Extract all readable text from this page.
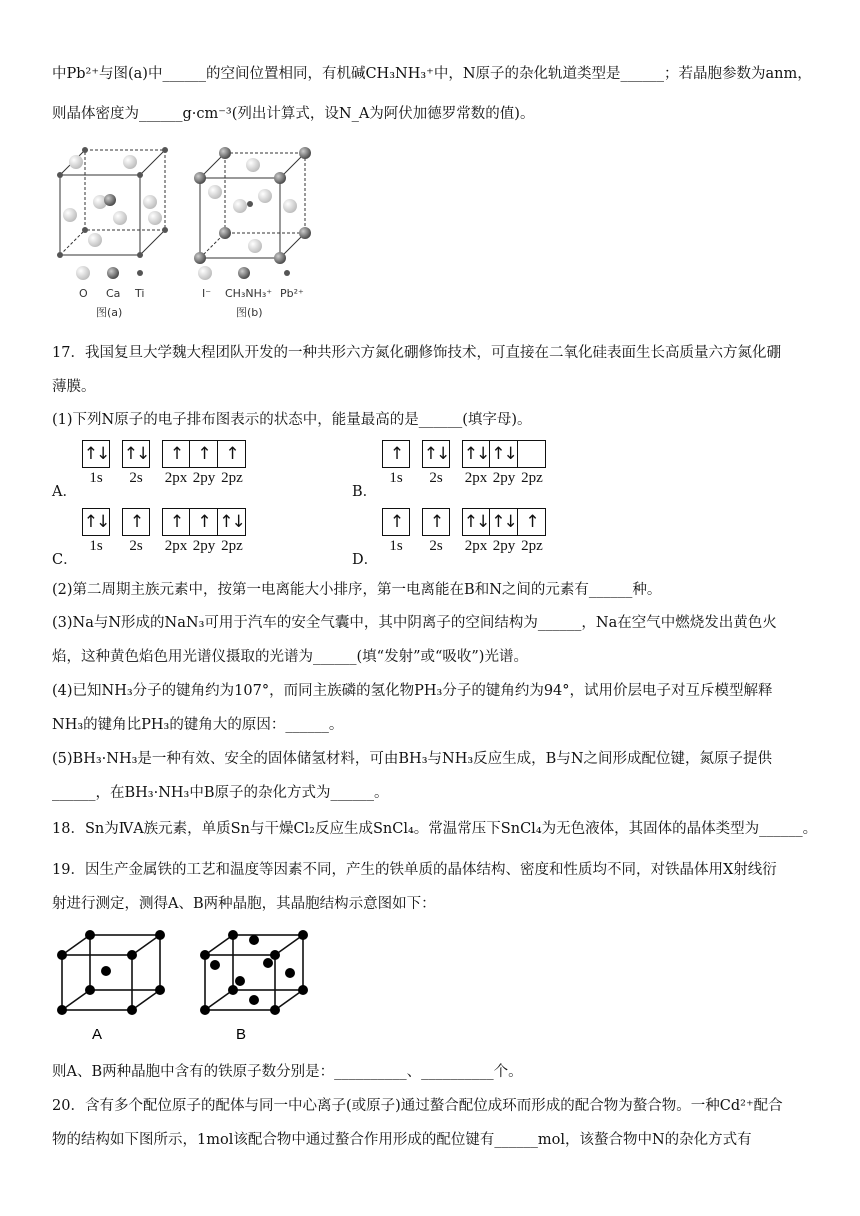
中Pb²⁺与图(a)中______的空间位置相同，有机碱CH₃NH₃⁺中，N原子的杂化轨道类型是______；若晶胞参数为anm，
则晶体密度为______g·cm⁻³(列出计算式，设N_A为阿伏加德罗常数的值)。
O Ca Ti
图(a)
I⁻ CH₃NH₃⁺ Pb²⁺
图(b)
17．我国复旦大学魏大程团队开发的一种共形六方氮化硼修饰技术，可直接在二氧化硅表面生长高质量六方氮化硼
薄膜。
(1)下列N原子的电子排布图表示的状态中，能量最高的是______(填字母)。
A．
↑↓
1s
↑↓
2s
↑ ↑ ↑
2px 2py 2pz
B．
↑
1s
↑↓
2s
↑↓ ↑↓
2px 2py 2pz
C．
↑↓
1s
↑
2s
↑ ↑ ↑↓
2px 2py 2pz
D．
↑
1s
↑
2s
↑↓ ↑↓ ↑
2px 2py 2pz
(2)第二周期主族元素中，按第一电离能大小排序，第一电离能在B和N之间的元素有______种。
(3)Na与N形成的NaN₃可用于汽车的安全气囊中，其中阴离子的空间结构为______，Na在空气中燃烧发出黄色火
焰，这种黄色焰色用光谱仪摄取的光谱为______(填“发射”或“吸收”)光谱。
(4)已知NH₃分子的键角约为107°，而同主族磷的氢化物PH₃分子的键角约为94°，试用价层电子对互斥模型解释
NH₃的键角比PH₃的键角大的原因：______。
(5)BH₃·NH₃是一种有效、安全的固体储氢材料，可由BH₃与NH₃反应生成，B与N之间形成配位键，氮原子提供
______，在BH₃·NH₃中B原子的杂化方式为______。
18．Sn为ⅣA族元素，单质Sn与干燥Cl₂反应生成SnCl₄。常温常压下SnCl₄为无色液体，其固体的晶体类型为______。
19．因生产金属铁的工艺和温度等因素不同，产生的铁单质的晶体结构、密度和性质均不同，对铁晶体用X射线衍
射进行测定，测得A、B两种晶胞，其晶胞结构示意图如下：
A	B
则A、B两种晶胞中含有的铁原子数分别是：__________、__________个。
20．含有多个配位原子的配体与同一中心离子(或原子)通过螯合配位成环而形成的配合物为螯合物。一种Cd²⁺配合
物的结构如下图所示，1mol该配合物中通过螯合作用形成的配位键有______mol，该螯合物中N的杂化方式有
